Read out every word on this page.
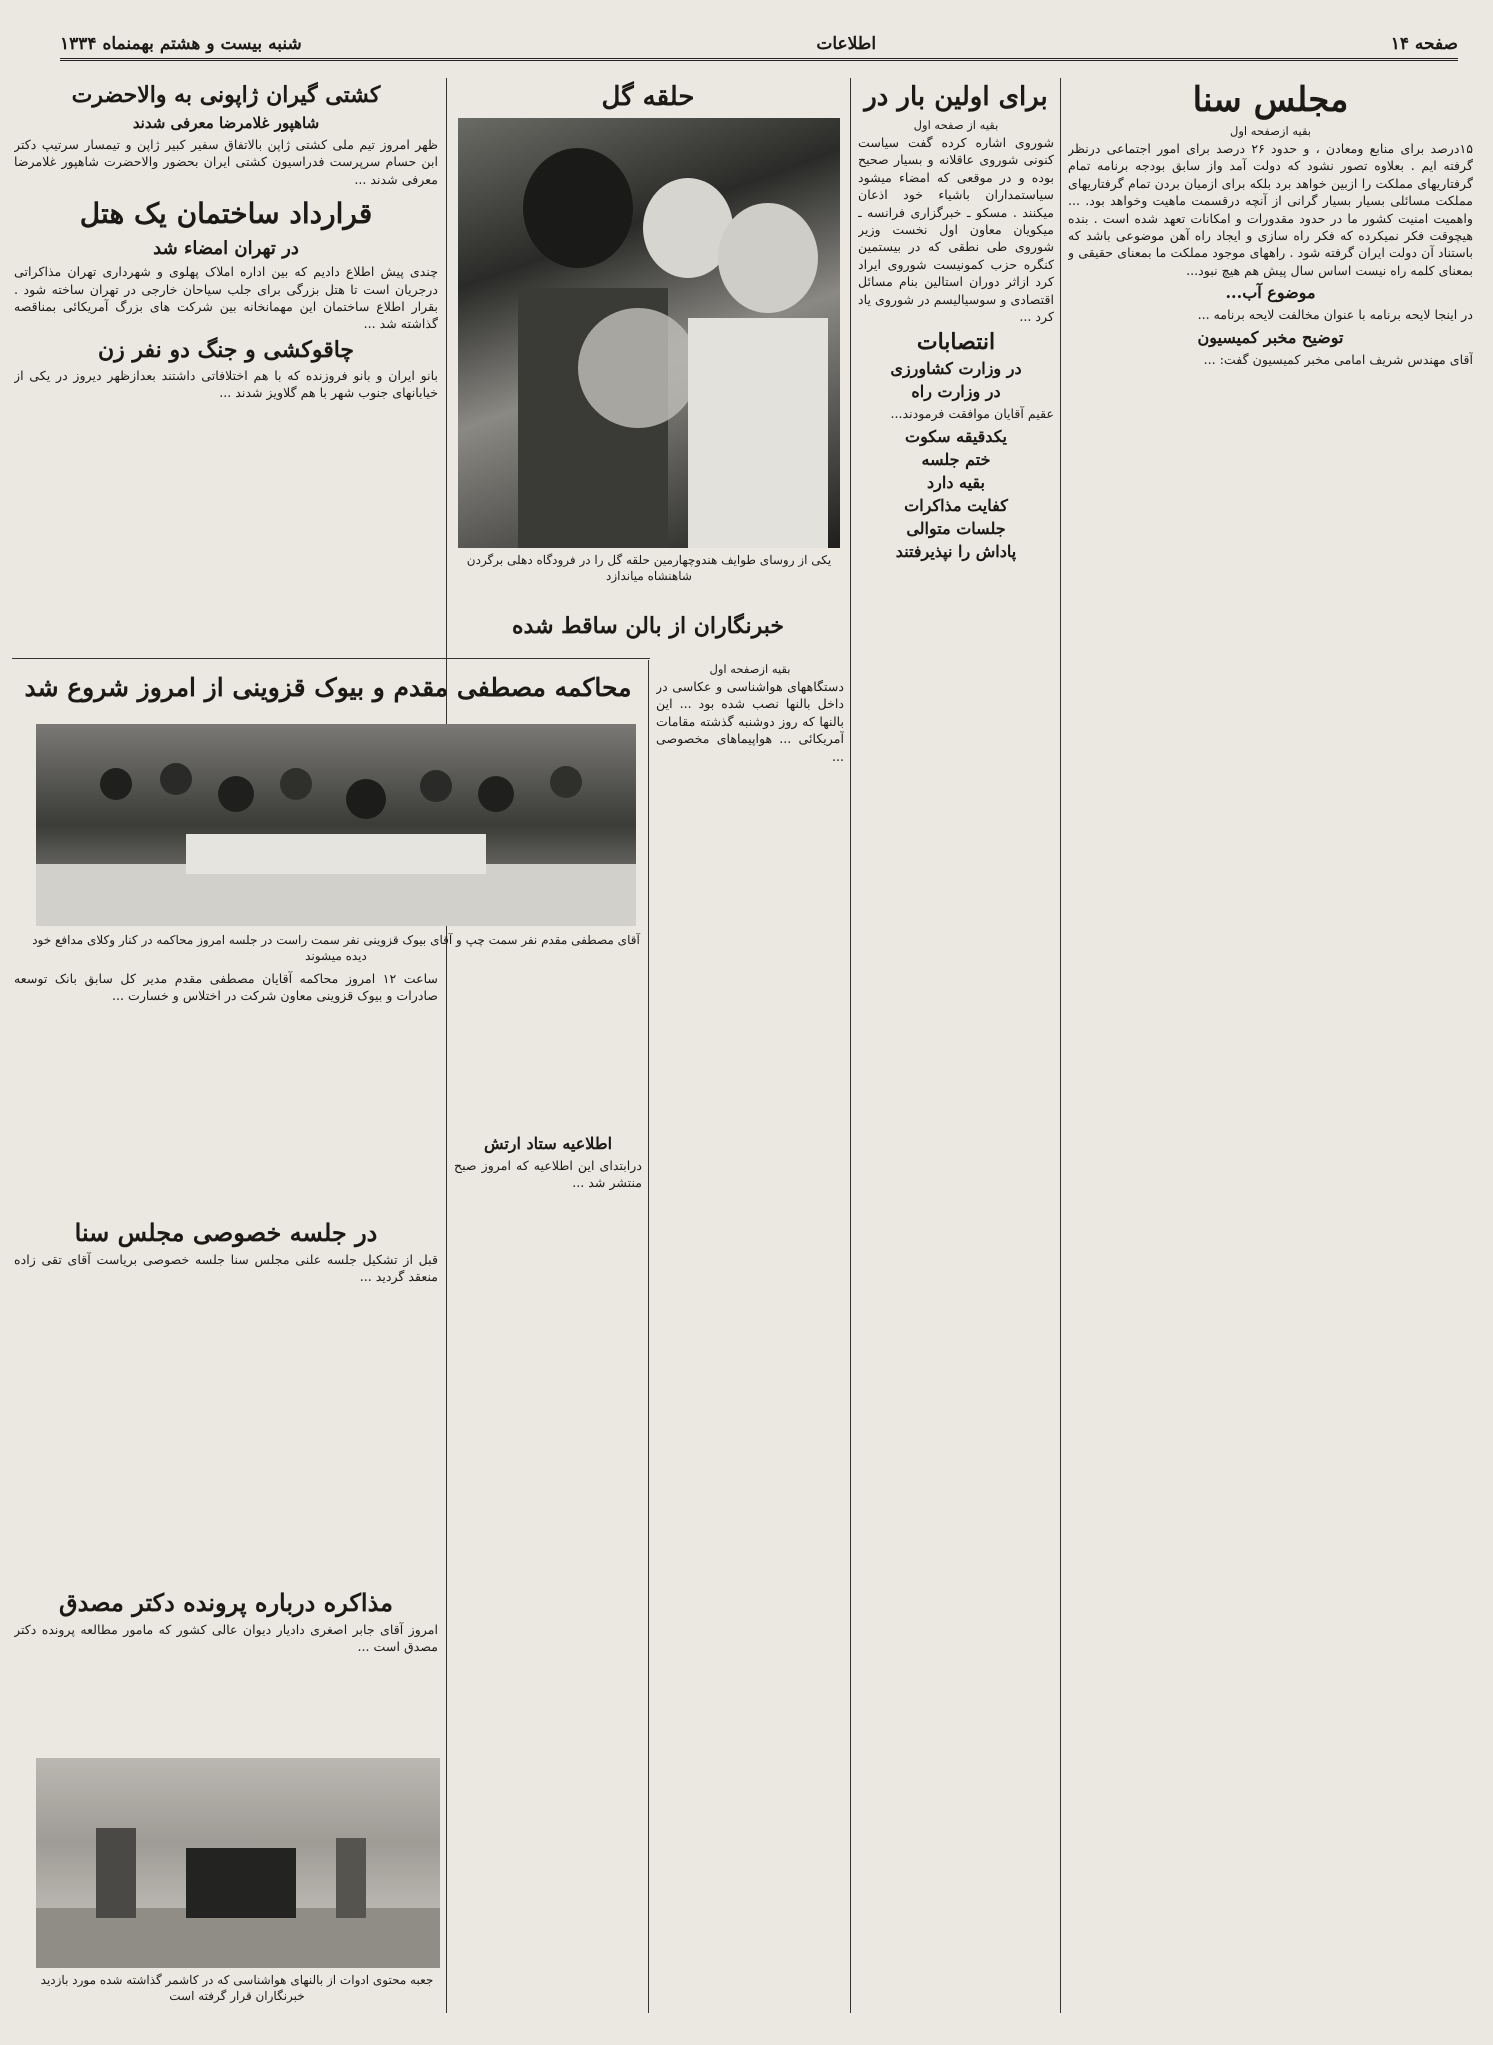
صفحه ۱۴
اطلاعات
شنبه بیست و هشتم بهمنماه ۱۳۳۴
مجلس سنا

بقیه ازصفحه اول

۱۵درصد برای منابع ومعادن ، و حدود ۲۶ درصد برای امور اجتماعی درنظر گرفته ایم . بعلاوه تصور نشود که دولت آمد واز سابق بودجه برنامه تمام گرفتاریهای مملکت را ازبین خواهد برد بلکه برای ازمیان بردن تمام گرفتاریهای مملکت مسائلی بسیار بسیار گرانی از آنچه درقسمت ماهیت وخواهد بود. ... واهمیت امنیت کشور ما در حدود مقدورات و امکانات تعهد شده است . بنده هیچوقت فکر نمیکرده که فکر راه سازی و ایجاد راه آهن موضوعی باشد که باستناد آن دولت ایران گرفته شود . راههای موجود مملکت ما بمعنای حقیقی و بمعنای کلمه راه نیست اساس سال پیش هم هیچ نبود...

موضوع آب...

در اینجا لایحه برنامه با عنوان مخالفت لایحه برنامه ...

توضیح مخبر کمیسیون

آقای مهندس شریف امامی مخبر کمیسیون گفت: ...

برای اولین بار در

بقیه از صفحه اول

شوروی اشاره کرده گفت سیاست کنونی شوروی عاقلانه و بسیار صحیح بوده و در موقعی که امضاء میشود سیاستمداران باشیاء خود اذعان میکنند . مسکو ـ خبرگزاری فرانسه ـ میکویان معاون اول نخست وزیر شوروی طی نطقی که در بیستمین کنگره حزب کمونیست شوروی ایراد کرد ازاثر دوران استالین بنام مسائل اقتصادی و سوسیالیسم در شوروی یاد کرد ...

انتصابات

در وزارت کشاورزی

در وزارت راه

عقیم آقایان موافقت فرمودند...

یکدقیقه سکوت

ختم جلسه

بقیه دارد

کفایت مذاکرات

جلسات متوالی

پاداش را نپذیرفتند

حلقه گل
یکی از روسای طوایف هندوچهارمین حلقه گل را در فرودگاه دهلی برگردن شاهنشاه میاندازد
خبرنگاران از بالن ساقط شده

بقیه ازصفحه اول

دستگاههای هواشناسی و عکاسی در داخل بالنها نصب شده بود ... این بالنها که روز دوشنبه گذشته مقامات آمریکائی ... هواپیماهای مخصوصی ...

اطلاعیه ستاد ارتش

درابتدای این اطلاعیه که امروز صبح منتشر شد ...

کشتی گیران ژاپونی به والاحضرت

شاهپور غلامرضا معرفی شدند

ظهر امروز تیم ملی کشتی ژاپن بالاتفاق سفیر کبیر ژاپن و تیمسار سرتیپ دکتر ابن حسام سرپرست فدراسیون کشتی ایران بحضور والاحضرت شاهپور غلامرضا معرفی شدند ...

قرارداد ساختمان یک هتل

در تهران امضاء شد

چندی پیش اطلاع دادیم که بین اداره املاک پهلوی و شهرداری تهران مذاکراتی درجریان است تا هتل بزرگی برای جلب سیاحان خارجی در تهران ساخته شود . بقرار اطلاع ساختمان این مهمانخانه بین شرکت های بزرگ آمریکائی بمناقصه گذاشته شد ...

چاقوکشی و جنگ دو نفر زن

بانو ایران و بانو فروزنده که با هم اختلافاتی داشتند بعدازظهر دیروز در یکی از خیابانهای جنوب شهر با هم گلاویز شدند ...

محاکمه مصطفی مقدم و بیوک قزوینی از امروز شروع شد
آقای مصطفی مقدم نفر سمت چپ و آقای بیوک قزوینی نفر سمت راست در جلسه امروز محاکمه در کنار وکلای مدافع خود دیده میشوند

ساعت ۱۲ امروز محاکمه آقایان مصطفی مقدم مدیر کل سابق بانک توسعه صادرات و بیوک قزوینی معاون شرکت در اختلاس و خسارت ...

در جلسه خصوصی مجلس سنا

قبل از تشکیل جلسه علنی مجلس سنا جلسه خصوصی بریاست آقای تقی زاده منعقد گردید ...

مذاکره درباره پرونده دکتر مصدق

امروز آقای جابر اصغری دادیار دیوان عالی کشور که مامور مطالعه پرونده دکتر مصدق است ...

جعبه محتوی ادوات از بالنهای هواشناسی که در کاشمر گذاشته شده مورد بازدید خبرنگاران قرار گرفته است
